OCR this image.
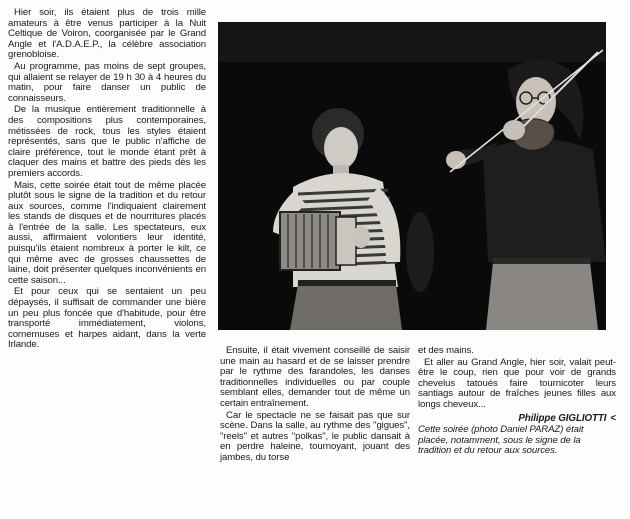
Hier soir, ils étaient plus de trois mille amateurs à être venus participer à la Nuit Celtique de Voiron, coorganisée par le Grand Angle et l'A.D.A.E.P., la célèbre association grenobloise.

Au programme, pas moins de sept groupes, qui allaient se relayer de 19 h 30 à 4 heures du matin, pour faire danser un public de connaisseurs.

De la musique entièrement traditionnelle à des compositions plus contemporaines, métissées de rock, tous les styles étaient représentés, sans que le public n'affiche de claire préférence, tout le monde étant prêt à claquer des mains et battre des pieds dès les premiers accords.

Mais, cette soirée était tout de même placée plutôt sous le signe de la tradition et du retour aux sources, comme l'indiquaient clairement les stands de disques et de nourritures placés à l'entrée de la salle. Les spectateurs, eux aussi, affirmaient volontiers leur identité, puisqu'ils étaient nombreux à porter le kilt, ce qui même avec de grosses chaussettes de laine, doit présenter quelques inconvénients en cette saison...

Et pour ceux qui se sentaient un peu dépaysés, il suffisait de commander une bière un peu plus foncée que d'habitude, pour être transporté immédiatement, violons, cornemuses et harpes aidant, dans la verte Irlande.

Ensuite, il était vivement conseillé de saisir une main au hasard et de se laisser prendre par le rythme des farandoles, les danses traditionnelles individuelles ou par couple semblant elles, demander tout de même un certain entraînement.

Car le spectacle ne se faisait pas que sur scène. Dans la salle, au rythme des "gigues", "reels" et autres "polkas", le public dansait à en perdre haleine, tournoyant, jouant des jambes, du torse

et des mains.

Et aller au Grand Angle, hier soir, valait peut-être le coup, rien que pour voir de grands chevelus tatoués faire tournicoter leurs santiags autour de fraîches jeunes filles aux longs cheveux...

Philippe GIGLIOTTI <

Cette soirée (photo Daniel PARAZ) était placée, notamment, sous le signe de la tradition et du retour aux sources.
